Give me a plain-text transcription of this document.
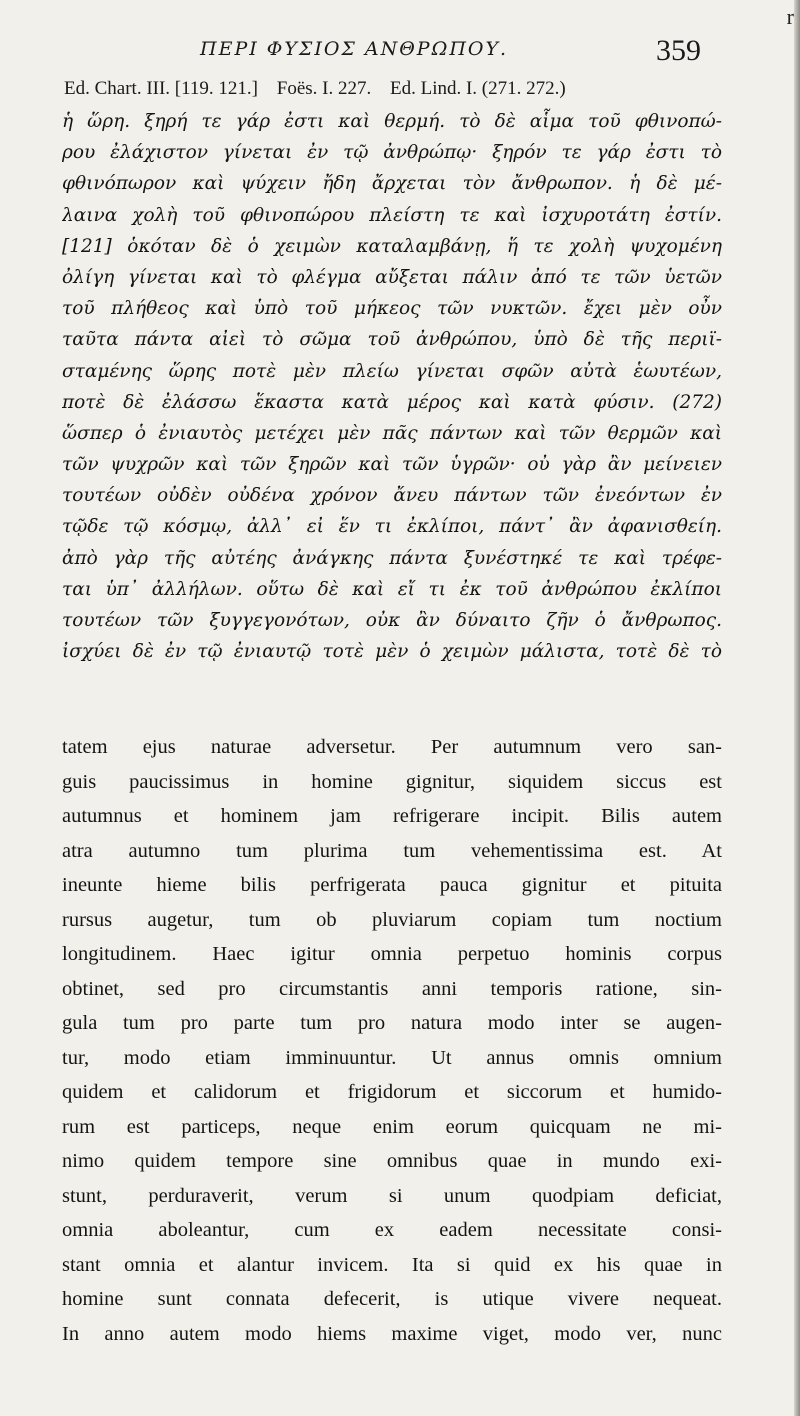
r
ΠΕΡΙ ΦΥΣΙΟΣ ΑΝΘΡΩΠΟΥ.	359
Ed. Chart. III. [119. 121.] Foës. I. 227. Ed. Lind. I. (271. 272.)
ἡ ὥρη. ξηρή τε γάρ ἐστι καὶ θερμή. τὸ δὲ αἷμα τοῦ φθινοπώ-
ρου ἐλάχιστον γίνεται ἐν τῷ ἀνθρώπῳ· ξηρόν τε γάρ ἐστι τὸ
φθινόπωρον καὶ ψύχειν ἤδη ἄρχεται τὸν ἄνθρωπον. ἡ δὲ μέ-
λαινα χολὴ τοῦ φθινοπώρου πλείστη τε καὶ ἰσχυροτάτη ἐστίν.
[121] ὁκόταν δὲ ὁ χειμὼν καταλαμβάνῃ, ἥ τε χολὴ ψυχομένη
ὀλίγη γίνεται καὶ τὸ φλέγμα αὔξεται πάλιν ἀπό τε τῶν ὑετῶν
τοῦ πλήθεος καὶ ὑπὸ τοῦ μήκεος τῶν νυκτῶν. ἔχει μὲν οὖν
ταῦτα πάντα αἰεὶ τὸ σῶμα τοῦ ἀνθρώπου, ὑπὸ δὲ τῆς περιϊ-
σταμένης ὥρης ποτὲ μὲν πλείω γίνεται σφῶν αὐτὰ ἑωυτέων,
ποτὲ δὲ ἐλάσσω ἕκαστα κατὰ μέρος καὶ κατὰ φύσιν. (272)
ὥσπερ ὁ ἐνιαυτὸς μετέχει μὲν πᾶς πάντων καὶ τῶν θερμῶν καὶ
τῶν ψυχρῶν καὶ τῶν ξηρῶν καὶ τῶν ὑγρῶν· οὐ γὰρ ἂν μείνειεν
τουτέων οὐδὲν οὐδένα χρόνον ἄνευ πάντων τῶν ἐνεόντων ἐν
τῷδε τῷ κόσμῳ, ἀλλ᾽ εἰ ἕν τι ἐκλίποι, πάντ᾽ ἂν ἀφανισθείη.
ἀπὸ γὰρ τῆς αὐτέης ἀνάγκης πάντα ξυνέστηκέ τε καὶ τρέφε-
ται ὑπ᾽ ἀλλήλων. οὕτω δὲ καὶ εἴ τι ἐκ τοῦ ἀνθρώπου ἐκλίποι
τουτέων τῶν ξυγγεγονότων, οὐκ ἂν δύναιτο ζῆν ὁ ἄνθρωπος.
ἰσχύει δὲ ἐν τῷ ἐνιαυτῷ τοτὲ μὲν ὁ χειμὼν μάλιστα, τοτὲ δὲ τὸ
tatem ejus naturae adversetur. Per autumnum vero san-
guis paucissimus in homine gignitur, siquidem siccus est
autumnus et hominem jam refrigerare incipit. Bilis autem
atra autumno tum plurima tum vehementissima est. At
ineunte hieme bilis perfrigerata pauca gignitur et pituita
rursus augetur, tum ob pluviarum copiam tum noctium
longitudinem. Haec igitur omnia perpetuo hominis corpus
obtinet, sed pro circumstantis anni temporis ratione, sin-
gula tum pro parte tum pro natura modo inter se augen-
tur, modo etiam imminuuntur. Ut annus omnis omnium
quidem et calidorum et frigidorum et siccorum et humido-
rum est particeps, neque enim eorum quicquam ne mi-
nimo quidem tempore sine omnibus quae in mundo exi-
stunt, perduraverit, verum si unum quodpiam deficiat,
omnia aboleantur, cum ex eadem necessitate consi-
stant omnia et alantur invicem. Ita si quid ex his quae in
homine sunt connata defecerit, is utique vivere nequeat.
In anno autem modo hiems maxime viget, modo ver, nunc
